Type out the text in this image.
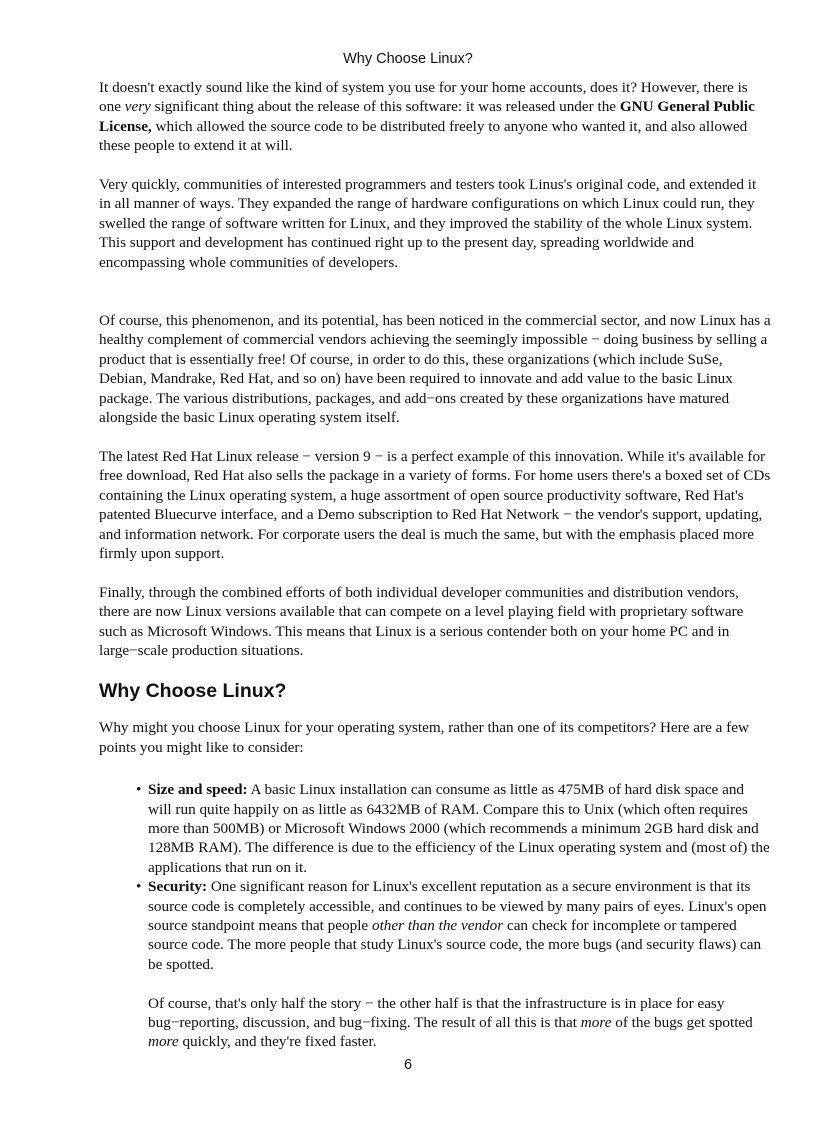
Why Choose Linux?

It doesn't exactly sound like the kind of system you use for your home accounts, does it? However, there is one very significant thing about the release of this software: it was released under the GNU General Public License, which allowed the source code to be distributed freely to anyone who wanted it, and also allowed these people to extend it at will.

Very quickly, communities of interested programmers and testers took Linus's original code, and extended it in all manner of ways. They expanded the range of hardware configurations on which Linux could run, they swelled the range of software written for Linux, and they improved the stability of the whole Linux system. This support and development has continued right up to the present day, spreading worldwide and encompassing whole communities of developers.

Of course, this phenomenon, and its potential, has been noticed in the commercial sector, and now Linux has a healthy complement of commercial vendors achieving the seemingly impossible − doing business by selling a product that is essentially free! Of course, in order to do this, these organizations (which include SuSe, Debian, Mandrake, Red Hat, and so on) have been required to innovate and add value to the basic Linux package. The various distributions, packages, and add−ons created by these organizations have matured alongside the basic Linux operating system itself.

The latest Red Hat Linux release − version 9 − is a perfect example of this innovation. While it's available for free download, Red Hat also sells the package in a variety of forms. For home users there's a boxed set of CDs containing the Linux operating system, a huge assortment of open source productivity software, Red Hat's patented Bluecurve interface, and a Demo subscription to Red Hat Network − the vendor's support, updating, and information network. For corporate users the deal is much the same, but with the emphasis placed more firmly upon support.

Finally, through the combined efforts of both individual developer communities and distribution vendors, there are now Linux versions available that can compete on a level playing field with proprietary software such as Microsoft Windows. This means that Linux is a serious contender both on your home PC and in large−scale production situations.

Why Choose Linux?

Why might you choose Linux for your operating system, rather than one of its competitors? Here are a few points you might like to consider:

• Size and speed: A basic Linux installation can consume as little as 475MB of hard disk space and will run quite happily on as little as 6432MB of RAM. Compare this to Unix (which often requires more than 500MB) or Microsoft Windows 2000 (which recommends a minimum 2GB hard disk and 128MB RAM). The difference is due to the efficiency of the Linux operating system and (most of) the applications that run on it.
• Security: One significant reason for Linux's excellent reputation as a secure environment is that its source code is completely accessible, and continues to be viewed by many pairs of eyes. Linux's open source standpoint means that people other than the vendor can check for incomplete or tampered source code. The more people that study Linux's source code, the more bugs (and security flaws) can be spotted.

Of course, that's only half the story − the other half is that the infrastructure is in place for easy bug−reporting, discussion, and bug−fixing. The result of all this is that more of the bugs get spotted more quickly, and they're fixed faster.

6
